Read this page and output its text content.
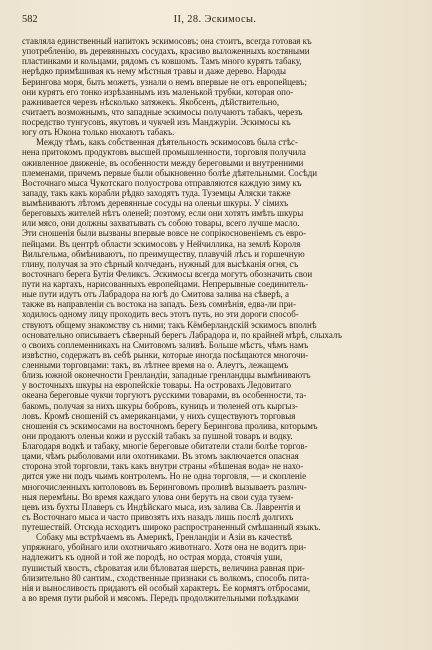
582	II, 28. Эскимосы.
ставляла единственный напитокъ эскимосовъ; она стоитъ, всегда готовая къ
употребленію, въ деревянныхъ сосудахъ, красиво выложенныхъ костяными
пластинками и кольцами, рядомъ съ ковшомъ. Тамъ много курятъ табаку,
нерѣдко примѣшивая къ нему мѣстныя травы и даже дерево. Народы
Берингова моря, быть можетъ, узнали о немъ впервые не отъ европейцевъ;
они курятъ его тонко изрѣзаннымъ изъ маленькой трубки, которая опо-
ражнивается черезъ нѣсколько затяжекъ. Якобсенъ, дѣйствительно,
считаетъ возможнымъ, что западные эскимосы получаютъ табакъ, черезъ
посредство тунгусовъ, якутовъ и чукчей изъ Манджуріи. Эскимосы къ
югу отъ Юкона только нюхаютъ табакъ.
Между тѣмъ, какъ собственная дѣятельность эскимосовъ была стѣс-
нена притокомъ продуктовъ высшей промышленности, торговля получила
оживленное движеніе, въ особенности между береговыми и внутренними
племенами, причемъ первые были обыкновенно болѣе дѣятельными. Сосѣди
Восточнаго мыса Чукотскаго полуострова отправляются каждую зиму къ
западу, такъ какъ корабли рѣдко заходятъ туда. Туземцы Аляски также
вымѣниваютъ лѣтомъ деревянные сосуды на оленьи шкуры. У сімихъ
береговыхъ жителей нѣтъ оленей; поэтому, если они хотятъ имѣть шкуры
или мясо, они должны захватывать съ собою товары, всего лучше масло.
Эти сношенія были вызваны впервые вовсе не сопрікосновеніемъ съ евро-
пейцами. Въ центрѣ области эскимосовъ у Нейчиллика, на землѣ Короля
Вильгельма, обмѣниваютъ, по преимуществу, плавучій лѣсъ и горшечную
глину, получая за это сѣрный колчеданъ, нужный для высѣканія огня, съ
восточнаго берега Бутіи Феликсъ. Эскимосы всегда могутъ обозначить свои
пути на картахъ, нарисованныхъ европейцами. Непрерывные соединитель-
ные пути идутъ отъ Лабрадора на югѣ до Смитова залива на сѣверѣ, а
также въ направленіи съ востока на западъ. Безъ сомнѣнія, едва-ли при-
ходилось одному лицу проходить весь этотъ путь, но эти дороги способ-
ствуютъ общему знакомству съ ними; такъ Кёмберландскій эскимосъ вполнѣ
основательно описываетъ сѣверный берегъ Лабрадора и, по крайней мѣрѣ, слыхалъ
о своихъ соплеменникахъ на Смитовомъ заливѣ. Больше мѣстъ, чѣмъ намъ
извѣстно, содержатъ въ себѣ рынки, которые иногда посѣщаются многочи-
сленными торговцами: такъ, въ лѣтнее время на о. Алеутъ, лежащемъ
близь южной оконечности Гренландіи, западные гренландцы вымѣниваютъ
у восточныхъ шкуры на европейскіе товары. На островахъ Ледовитаго
океана береговые чукчи торгуютъ русскими товарами, въ особенности, та-
бакомъ, получая за нихъ шкуры бобровъ, куницъ и тюленей отъ кыргыз-
ловъ. Кромѣ сношеній съ американцами, у нихъ существуютъ торговыя
сношенія съ эскимосами на восточномъ берегу Берингова пролива, которымъ
они продаютъ оленьи кожи и русскій табакъ за пушной товаръ и водку.
Благодаря водкѣ и табаку, многіе береговые обитатели стали болѣе торгов-
цами, чѣмъ рыболовами или охотниками. Въ этомъ заключается опасная
сторона этой торговли, такъ какъ внутри страны «бѣшеная вода» не нахо-
дится уже ни подъ чьимъ контролемъ. Но не одна торговля, — и скопленіе
многочисленныхъ китолововъ въ Беринговомъ проливѣ вызываетъ различ-
ныя перемѣны. Во время каждаго улова они берутъ на свои суда тузем-
цевъ изъ бухты Плаверъ съ Индѣйскаго мыса, изъ залива Св. Лаврентія и
съ Восточнаго мыса и часто привозятъ ихъ назадъ лишь послѣ долгихъ
путешествій. Отсюда исходитъ широко распространенный смѣшанный языкъ.
Собаку мы встрѣчаемъ въ Америкѣ, Гренландіи и Азіи въ качествѣ
упряжнаго, убойнаго или охотничьяго животнаго. Хотя она не водитъ при-
надлежитъ къ одной и той же породѣ, но острая морда, стоячія уши,
пушистый хвостъ, сѣроватая или бѣловатая шерсть, величина равная при-
близительно 80 сантим., сходственные признаки съ волкомъ, способъ пита-
нія и выносливость придаютъ ей особый характеръ. Ее кормятъ отбросами,
а во время пути рыбой и мясомъ. Передъ продолжительными поѣздками
